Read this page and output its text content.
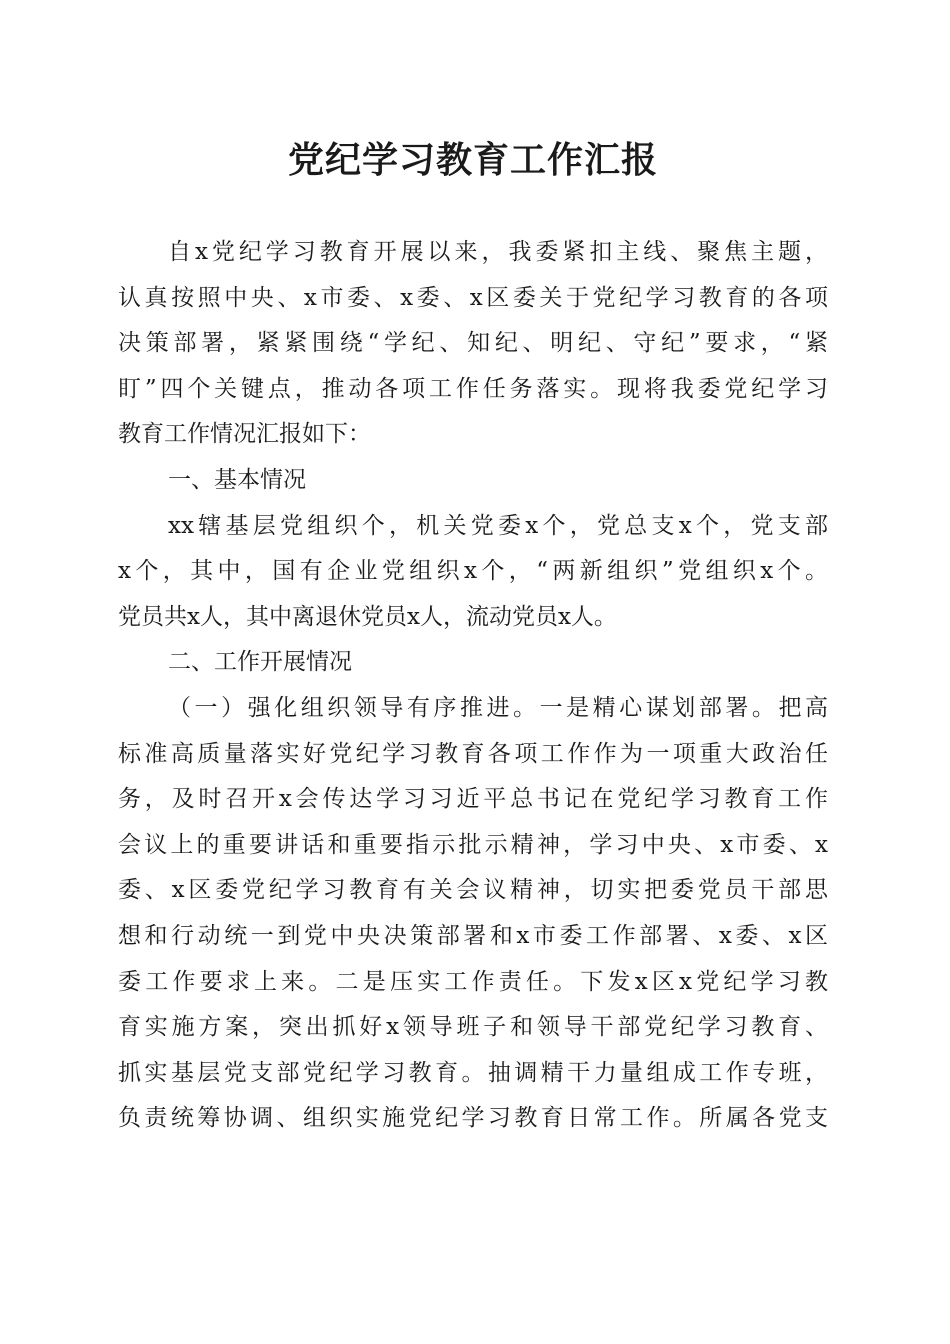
党纪学习教育工作汇报
自x党纪学习教育开展以来，我委紧扣主线、聚焦主题，
认真按照中央、x市委、x委、x区委关于党纪学习教育的各项
决策部署，紧紧围绕“学纪、知纪、明纪、守纪”要求，“紧
盯”四个关键点，推动各项工作任务落实。现将我委党纪学习
教育工作情况汇报如下：
一、基本情况
xx辖基层党组织个，机关党委x个，党总支x个，党支部
x个，其中，国有企业党组织x个，“两新组织”党组织x个。
党员共x人，其中离退休党员x人，流动党员x人。
二、工作开展情况
（一）强化组织领导有序推进。一是精心谋划部署。把高
标准高质量落实好党纪学习教育各项工作作为一项重大政治任
务，及时召开x会传达学习习近平总书记在党纪学习教育工作
会议上的重要讲话和重要指示批示精神，学习中央、x市委、x
委、x区委党纪学习教育有关会议精神，切实把委党员干部思
想和行动统一到党中央决策部署和x市委工作部署、x委、x区
委工作要求上来。二是压实工作责任。下发x区x党纪学习教
育实施方案，突出抓好x领导班子和领导干部党纪学习教育、
抓实基层党支部党纪学习教育。抽调精干力量组成工作专班，
负责统筹协调、组织实施党纪学习教育日常工作。所属各党支
